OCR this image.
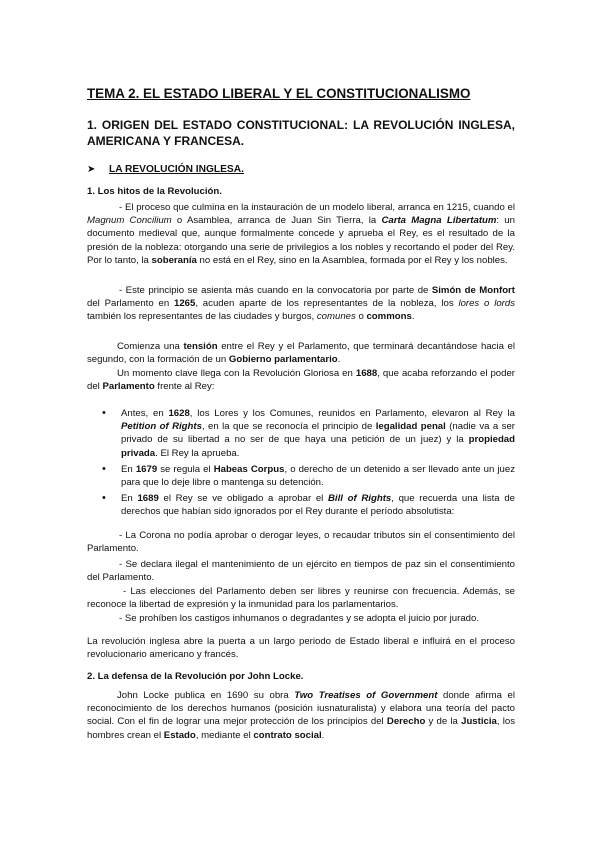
TEMA 2. EL ESTADO LIBERAL Y EL CONSTITUCIONALISMO
1. ORIGEN DEL ESTADO CONSTITUCIONAL: LA REVOLUCIÓN INGLESA, AMERICANA Y FRANCESA.
➤ LA REVOLUCIÓN INGLESA.
1. Los hitos de la Revolución.

- El proceso que culmina en la instauración de un modelo liberal, arranca en 1215, cuando el Magnum Concilium o Asamblea, arranca de Juan Sin Tierra, la Carta Magna Libertatum: un documento medieval que, aunque formalmente concede y aprueba el Rey, es el resultado de la presión de la nobleza: otorgando una serie de privilegios a los nobles y recortando el poder del Rey. Por lo tanto, la soberanía no está en el Rey, sino en la Asamblea, formada por el Rey y los nobles.

- Este principio se asienta más cuando en la convocatoria por parte de Simón de Monfort del Parlamento en 1265, acuden aparte de los representantes de la nobleza, los lores o lords también los representantes de las ciudades y burgos, comunes o commons.

Comienza una tensión entre el Rey y el Parlamento, que terminará decantándose hacia el segundo, con la formación de un Gobierno parlamentario.

Un momento clave llega con la Revolución Gloriosa en 1688, que acaba reforzando el poder del Parlamento frente al Rey:

• Antes, en 1628, los Lores y los Comunes, reunidos en Parlamento, elevaron al Rey la Petition of Rights, en la que se reconocía el principio de legalidad penal (nadie va a ser privado de su libertad a no ser de que haya una petición de un juez) y la propiedad privada. El Rey la aprueba.
• En 1679 se regula el Habeas Corpus, o derecho de un detenido a ser llevado ante un juez para que lo deje libre o mantenga su detención.
• En 1689 el Rey se ve obligado a aprobar el Bill of Rights, que recuerda una lista de derechos que habían sido ignorados por el Rey durante el período absolutista:

- La Corona no podía aprobar o derogar leyes, o recaudar tributos sin el consentimiento del Parlamento.

- Se declara ilegal el mantenimiento de un ejército en tiempos de paz sin el consentimiento del Parlamento.

- Las elecciones del Parlamento deben ser libres y reunirse con frecuencia. Además, se reconoce la libertad de expresión y la inmunidad para los parlamentarios.

- Se prohíben los castigos inhumanos o degradantes y se adopta el juicio por jurado.

La revolución inglesa abre la puerta a un largo periodo de Estado liberal e influirá en el proceso revolucionario americano y francés.

2. La defensa de la Revolución por John Locke.

John Locke publica en 1690 su obra Two Treatises of Government donde afirma el reconocimiento de los derechos humanos (posición iusnaturalista) y elabora una teoría del pacto social. Con el fin de lograr una mejor protección de los principios del Derecho y de la Justicia, los hombres crean el Estado, mediante el contrato social.
